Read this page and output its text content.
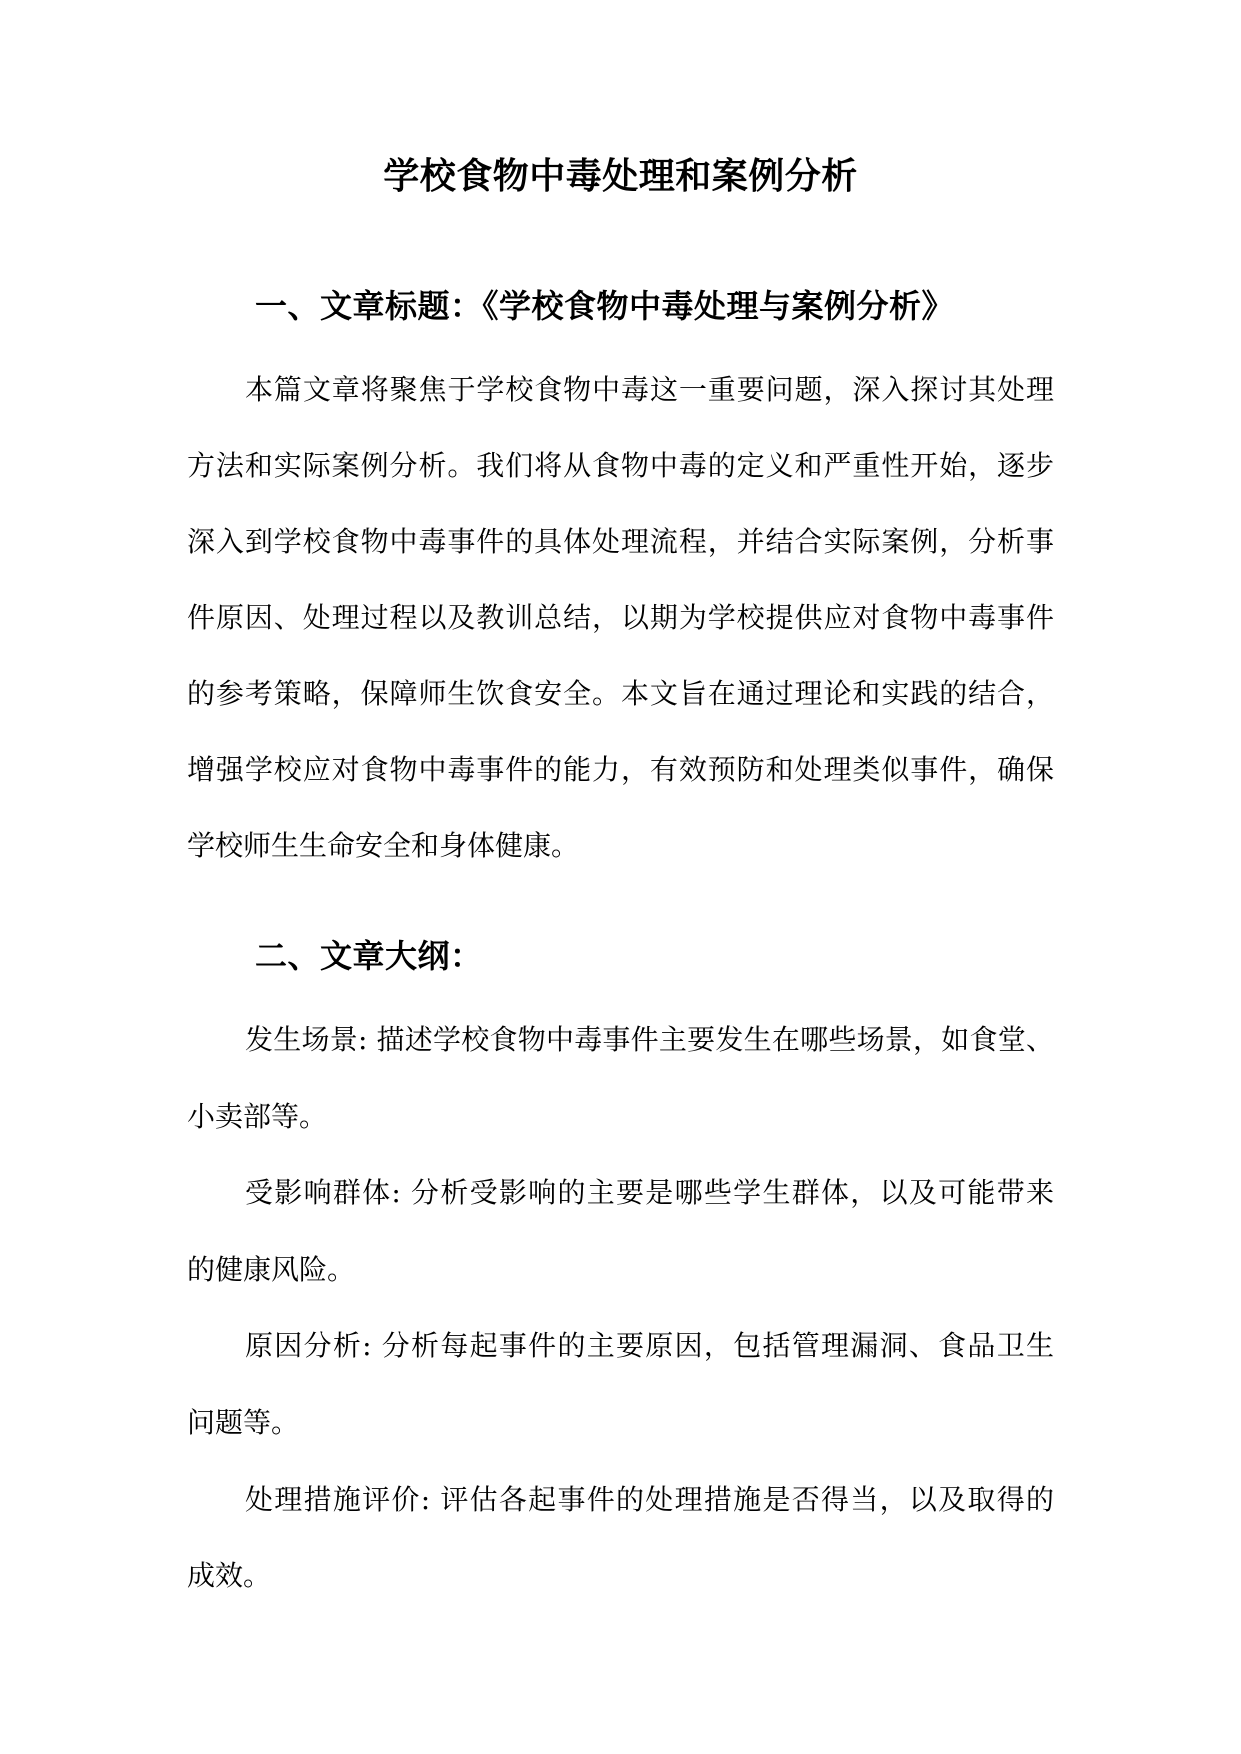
学校食物中毒处理和案例分析
一、文章标题：《学校食物中毒处理与案例分析》
本篇文章将聚焦于学校食物中毒这一重要问题，深入探讨其处理
方法和实际案例分析。我们将从食物中毒的定义和严重性开始，逐步
深入到学校食物中毒事件的具体处理流程，并结合实际案例，分析事
件原因、处理过程以及教训总结，以期为学校提供应对食物中毒事件
的参考策略，保障师生饮食安全。本文旨在通过理论和实践的结合，
增强学校应对食物中毒事件的能力，有效预防和处理类似事件，确保
学校师生生命安全和身体健康。
二、文章大纲：
发生场景: 描述学校食物中毒事件主要发生在哪些场景，如食堂、
小卖部等。
受影响群体: 分析受影响的主要是哪些学生群体，以及可能带来
的健康风险。
原因分析: 分析每起事件的主要原因，包括管理漏洞、食品卫生
问题等。
处理措施评价: 评估各起事件的处理措施是否得当，以及取得的
成效。
